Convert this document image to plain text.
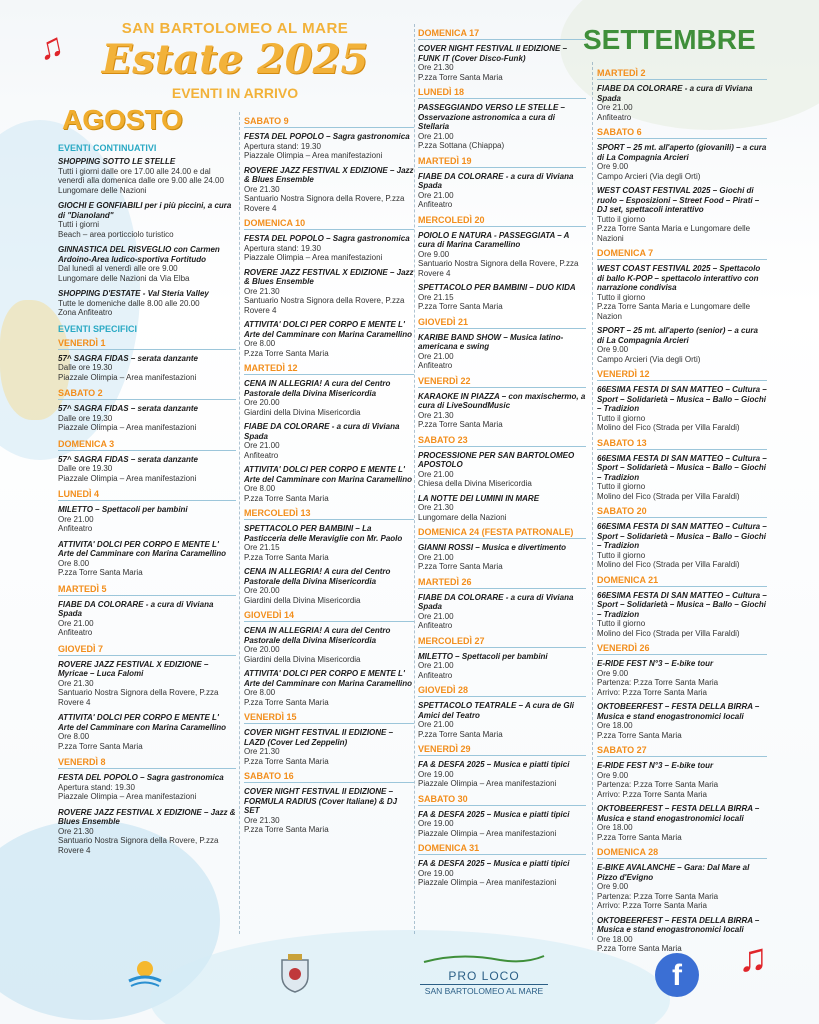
♫
♫
SAN BARTOLOMEO AL MARE
Estate 2025
EVENTI IN ARRIVO
AGOSTO
SETTEMBRE
EVENTI CONTINUATIVI
SHOPPING SOTTO LE STELLE
Tutti i giorni dalle ore 17.00 alle 24.00 e dal venerdì alla domenica dalle ore 9.00 alle 24.00
Lungomare delle Nazioni
GIOCHI E GONFIABILI per i più piccini, a cura di "Dianoland"
Tutti i giorni
Beach – area porticciolo turistico
GINNASTICA DEL RISVEGLIO con Carmen Ardoino-Area ludico-sportiva Fortitudo
Dal lunedì al venerdì alle ore 9.00
Lungomare delle Nazioni da Via Elba
SHOPPING D'ESTATE - Val Steria Valley
Tutte le domeniche dalle 8.00 alle 20.00
Zona Anfiteatro
EVENTI SPECIFICI
VENERDÌ 1
57^ SAGRA FIDAS – serata danzante
Dalle ore 19.30
Piazzale Olimpia – Area manifestazioni
SABATO 2
57^ SAGRA FIDAS – serata danzante
Dalle ore 19.30
Piazzale Olimpia – Area manifestazioni
DOMENICA 3
57^ SAGRA FIDAS – serata danzante
Dalle ore 19.30
Piazzale Olimpia – Area manifestazioni
LUNEDÌ 4
MILETTO – Spettacoli per bambini
Ore 21.00
Anfiteatro
ATTIVITA' DOLCI PER CORPO E MENTE L' Arte del Camminare con Marina Caramellino
Ore 8.00
P.zza Torre Santa Maria
MARTEDÌ 5
FIABE DA COLORARE - a cura di Viviana Spada
Ore 21.00
Anfiteatro
GIOVEDÌ 7
ROVERE JAZZ FESTIVAL X EDIZIONE – Myricae – Luca Falomi
Ore 21.30
Santuario Nostra Signora della Rovere, P.zza Rovere 4
ATTIVITA' DOLCI PER CORPO E MENTE L' Arte del Camminare con Marina Caramellino
Ore 8.00
P.zza Torre Santa Maria
VENERDÌ 8
FESTA DEL POPOLO – Sagra gastronomica
Apertura stand: 19.30
Piazzale Olimpia – Area manifestazioni
ROVERE JAZZ FESTIVAL X EDIZIONE – Jazz & Blues Ensemble
Ore 21.30
Santuario Nostra Signora della Rovere, P.zza Rovere 4
SABATO 9
FESTA DEL POPOLO – Sagra gastronomica
Apertura stand: 19.30
Piazzale Olimpia – Area manifestazioni
ROVERE JAZZ FESTIVAL X EDIZIONE – Jazz & Blues Ensemble
Ore 21.30
Santuario Nostra Signora della Rovere, P.zza Rovere 4
DOMENICA 10
FESTA DEL POPOLO – Sagra gastronomica
Apertura stand: 19.30
Piazzale Olimpia – Area manifestazioni
ROVERE JAZZ FESTIVAL X EDIZIONE – Jazz & Blues Ensemble
Ore 21.30
Santuario Nostra Signora della Rovere, P.zza Rovere 4
ATTIVITA' DOLCI PER CORPO E MENTE L' Arte del Camminare con Marina Caramellino
Ore 8.00
P.zza Torre Santa Maria
MARTEDÌ 12
CENA IN ALLEGRIA! A cura del Centro Pastorale della Divina Misericordia
Ore 20.00
Giardini della Divina Misericordia
FIABE DA COLORARE - a cura di Viviana Spada
Ore 21.00
Anfiteatro
ATTIVITA' DOLCI PER CORPO E MENTE L' Arte del Camminare con Marina Caramellino
Ore 8.00
P.zza Torre Santa Maria
MERCOLEDÌ 13
SPETTACOLO PER BAMBINI – La Pasticceria delle Meraviglie con Mr. Paolo
Ore 21.15
P.zza Torre Santa Maria
CENA IN ALLEGRIA! A cura del Centro Pastorale della Divina Misericordia
Ore 20.00
Giardini della Divina Misericordia
GIOVEDÌ 14
CENA IN ALLEGRIA! A cura del Centro Pastorale della Divina Misericordia
Ore 20.00
Giardini della Divina Misericordia
ATTIVITA' DOLCI PER CORPO E MENTE L' Arte del Camminare con Marina Caramellino
Ore 8.00
P.zza Torre Santa Maria
VENERDÌ 15
COVER NIGHT FESTIVAL II EDIZIONE – LAZD (Cover Led Zeppelin)
Ore 21.30
P.zza Torre Santa Maria
SABATO 16
COVER NIGHT FESTIVAL II EDIZIONE – FORMULA RADIUS (Cover Italiane) & DJ SET
Ore 21.30
P.zza Torre Santa Maria
DOMENICA 17
COVER NIGHT FESTIVAL II EDIZIONE – FUNK IT (Cover Disco-Funk)
Ore 21.30
P.zza Torre Santa Maria
LUNEDÌ 18
PASSEGGIANDO VERSO LE STELLE – Osservazione astronomica a cura di Stellaria
Ore 21.00
P.zza Sottana (Chiappa)
MARTEDÌ 19
FIABE DA COLORARE - a cura di Viviana Spada
Ore 21.00
Anfiteatro
MERCOLEDÌ 20
POIOLO E NATURA - PASSEGGIATA – A cura di Marina Caramellino
Ore 9.00
Santuario Nostra Signora della Rovere, P.zza Rovere 4
SPETTACOLO PER BAMBINI – DUO KIDA
Ore 21.15
P.zza Torre Santa Maria
GIOVEDÌ 21
KARIBE BAND SHOW – Musica latino-americana e swing
Ore 21.00
Anfiteatro
VENERDÌ 22
KARAOKE IN PIAZZA – con maxischermo, a cura di LiveSoundMusic
Ore 21.30
P.zza Torre Santa Maria
SABATO 23
PROCESSIONE PER SAN BARTOLOMEO APOSTOLO
Ore 21.00
Chiesa della Divina Misericordia
LA NOTTE DEI LUMINI IN MARE
Ore 21.30
Lungomare della Nazioni
DOMENICA 24 (FESTA PATRONALE)
GIANNI ROSSI – Musica e divertimento
Ore 21.00
P.zza Torre Santa Maria
MARTEDÌ 26
FIABE DA COLORARE - a cura di Viviana Spada
Ore 21.00
Anfiteatro
MERCOLEDÌ 27
MILETTO – Spettacoli per bambini
Ore 21.00
Anfiteatro
GIOVEDÌ 28
SPETTACOLO TEATRALE – A cura de Gli Amici del Teatro
Ore 21.00
P.zza Torre Santa Maria
VENERDÌ 29
FA & DESFA 2025 – Musica e piatti tipici
Ore 19.00
Piazzale Olimpia – Area manifestazioni
SABATO 30
FA & DESFA 2025 – Musica e piatti tipici
Ore 19.00
Piazzale Olimpia – Area manifestazioni
DOMENICA 31
FA & DESFA 2025 – Musica e piatti tipici
Ore 19.00
Piazzale Olimpia – Area manifestazioni
MARTEDÌ 2
FIABE DA COLORARE - a cura di Viviana Spada
Ore 21.00
Anfiteatro
SABATO 6
SPORT – 25 mt. all'aperto (giovanili) – a cura di La Compagnia Arcieri
Ore 9.00
Campo Arcieri (Via degli Orti)
WEST COAST FESTIVAL 2025 – Giochi di ruolo – Esposizioni – Street Food – Pirati – DJ set, spettacoli interattivo
Tutto il giorno
P.zza Torre Santa Maria e Lungomare delle Nazioni
DOMENICA 7
WEST COAST FESTIVAL 2025 – Spettacolo di ballo K-POP – spettacolo interattivo con narrazione condivisa
Tutto il giorno
P.zza Torre Santa Maria e Lungomare delle Nazion
SPORT – 25 mt. all'aperto (senior) – a cura di La Compagnia Arcieri
Ore 9.00
Campo Arcieri (Via degli Orti)
VENERDÌ 12
66ESIMA FESTA DI SAN MATTEO – Cultura – Sport – Solidarietà – Musica – Ballo – Giochi – Tradizion
Tutto il giorno
Molino del Fico (Strada per Villa Faraldi)
SABATO 13
66ESIMA FESTA DI SAN MATTEO – Cultura – Sport – Solidarietà – Musica – Ballo – Giochi – Tradizion
Tutto il giorno
Molino del Fico (Strada per Villa Faraldi)
SABATO 20
66ESIMA FESTA DI SAN MATTEO – Cultura – Sport – Solidarietà – Musica – Ballo – Giochi – Tradizion
Tutto il giorno
Molino del Fico (Strada per Villa Faraldi)
DOMENICA 21
66ESIMA FESTA DI SAN MATTEO – Cultura – Sport – Solidarietà – Musica – Ballo – Giochi – Tradizion
Tutto il giorno
Molino del Fico (Strada per Villa Faraldi)
VENERDÌ 26
E-RIDE FEST N°3 – E-bike tour
Ore 9.00
Partenza: P.zza Torre Santa Maria
Arrivo: P.zza Torre Santa Maria
OKTOBEERFEST – FESTA DELLA BIRRA – Musica e stand enogastronomici locali
Ore 18.00
P.zza Torre Santa Maria
SABATO 27
E-RIDE FEST N°3 – E-bike tour
Ore 9.00
Partenza: P.zza Torre Santa Maria
Arrivo: P.zza Torre Santa Maria
OKTOBEERFEST – FESTA DELLA BIRRA – Musica e stand enogastronomici locali
Ore 18.00
P.zza Torre Santa Maria
DOMENICA 28
E-BIKE AVALANCHE – Gara: Dal Mare al Pizzo d'Evigno
Ore 9.00
Partenza: P.zza Torre Santa Maria
Arrivo: P.zza Torre Santa Maria
OKTOBEERFEST – FESTA DELLA BIRRA – Musica e stand enogastronomici locali
Ore 18.00
P.zza Torre Santa Maria
PRO LOCO
SAN BARTOLOMEO AL MARE	f
